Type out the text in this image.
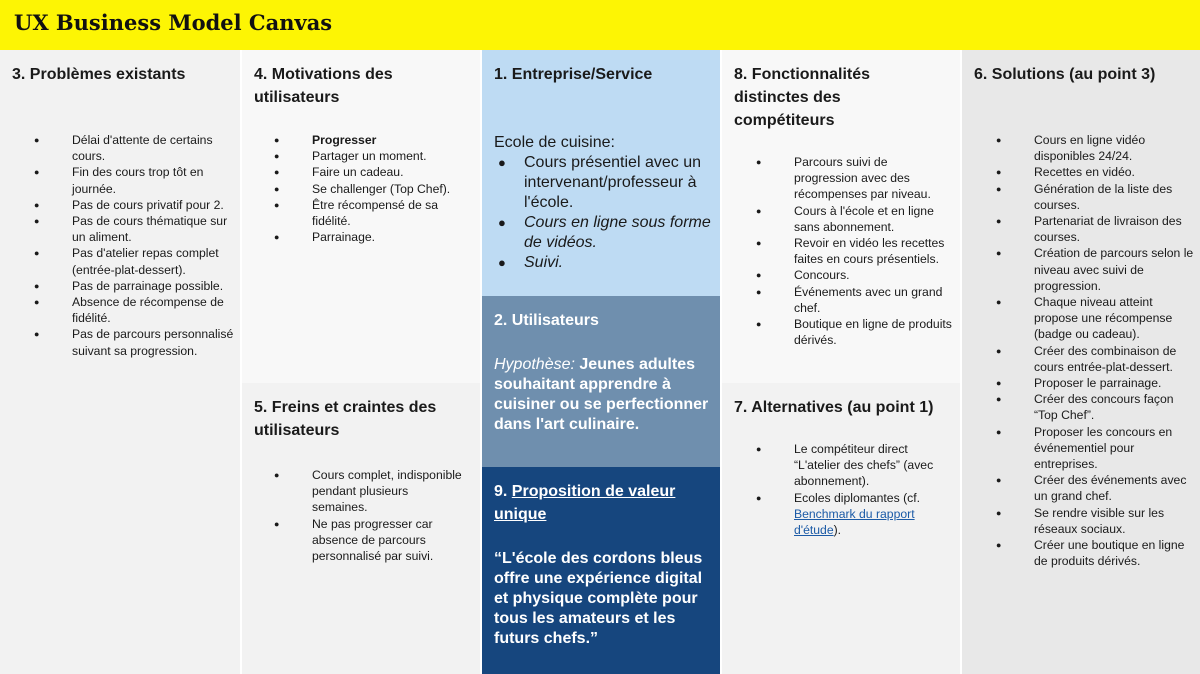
UX Business Model Canvas
3. Problèmes existants
● Délai d'attente de certains cours.
● Fin des cours trop tôt en journée.
● Pas de cours privatif pour 2.
● Pas de cours thématique sur un aliment.
● Pas d'atelier repas complet (entrée-plat-dessert).
● Pas de parrainage possible.
● Absence de récompense de fidélité.
● Pas de parcours personnalisé suivant sa progression.
4. Motivations des utilisateurs
● Progresser
● Partager un moment.
● Faire un cadeau.
● Se challenger (Top Chef).
● Être récompensé de sa fidélité.
● Parrainage.
5. Freins et craintes des utilisateurs
● Cours complet, indisponible pendant plusieurs semaines.
● Ne pas progresser car absence de parcours personnalisé par suivi.
1. Entreprise/Service
Ecole de cuisine:
● Cours présentiel avec un intervenant/professeur à l'école.
● Cours en ligne sous forme de vidéos.
● Suivi.
2. Utilisateurs
Hypothèse: Jeunes adultes souhaitant apprendre à cuisiner ou se perfectionner dans l'art culinaire.
9. Proposition de valeur unique
“L'école des cordons bleus offre une expérience digital et physique complète pour tous les amateurs et les futurs chefs.”
8. Fonctionnalités distinctes des compétiteurs
● Parcours suivi de progression avec des récompenses par niveau.
● Cours à l'école et en ligne sans abonnement.
● Revoir en vidéo les recettes faites en cours présentiels.
● Concours.
● Événements avec un grand chef.
● Boutique en ligne de produits dérivés.
7. Alternatives (au point 1)
● Le compétiteur direct “L'atelier des chefs” (avec abonnement).
● Ecoles diplomantes (cf. Benchmark du rapport d'étude).
6. Solutions (au point 3)
● Cours en ligne vidéo disponibles 24/24.
● Recettes en vidéo.
● Génération de la liste des courses.
● Partenariat de livraison des courses.
● Création de parcours selon le niveau avec suivi de progression.
● Chaque niveau atteint propose une récompense (badge ou cadeau).
● Créer des combinaison de cours entrée-plat-dessert.
● Proposer le parrainage.
● Créer des concours façon “Top Chef”.
● Proposer les concours en événementiel pour entreprises.
● Créer des événements avec un grand chef.
● Se rendre visible sur les réseaux sociaux.
● Créer une boutique en ligne de produits dérivés.
